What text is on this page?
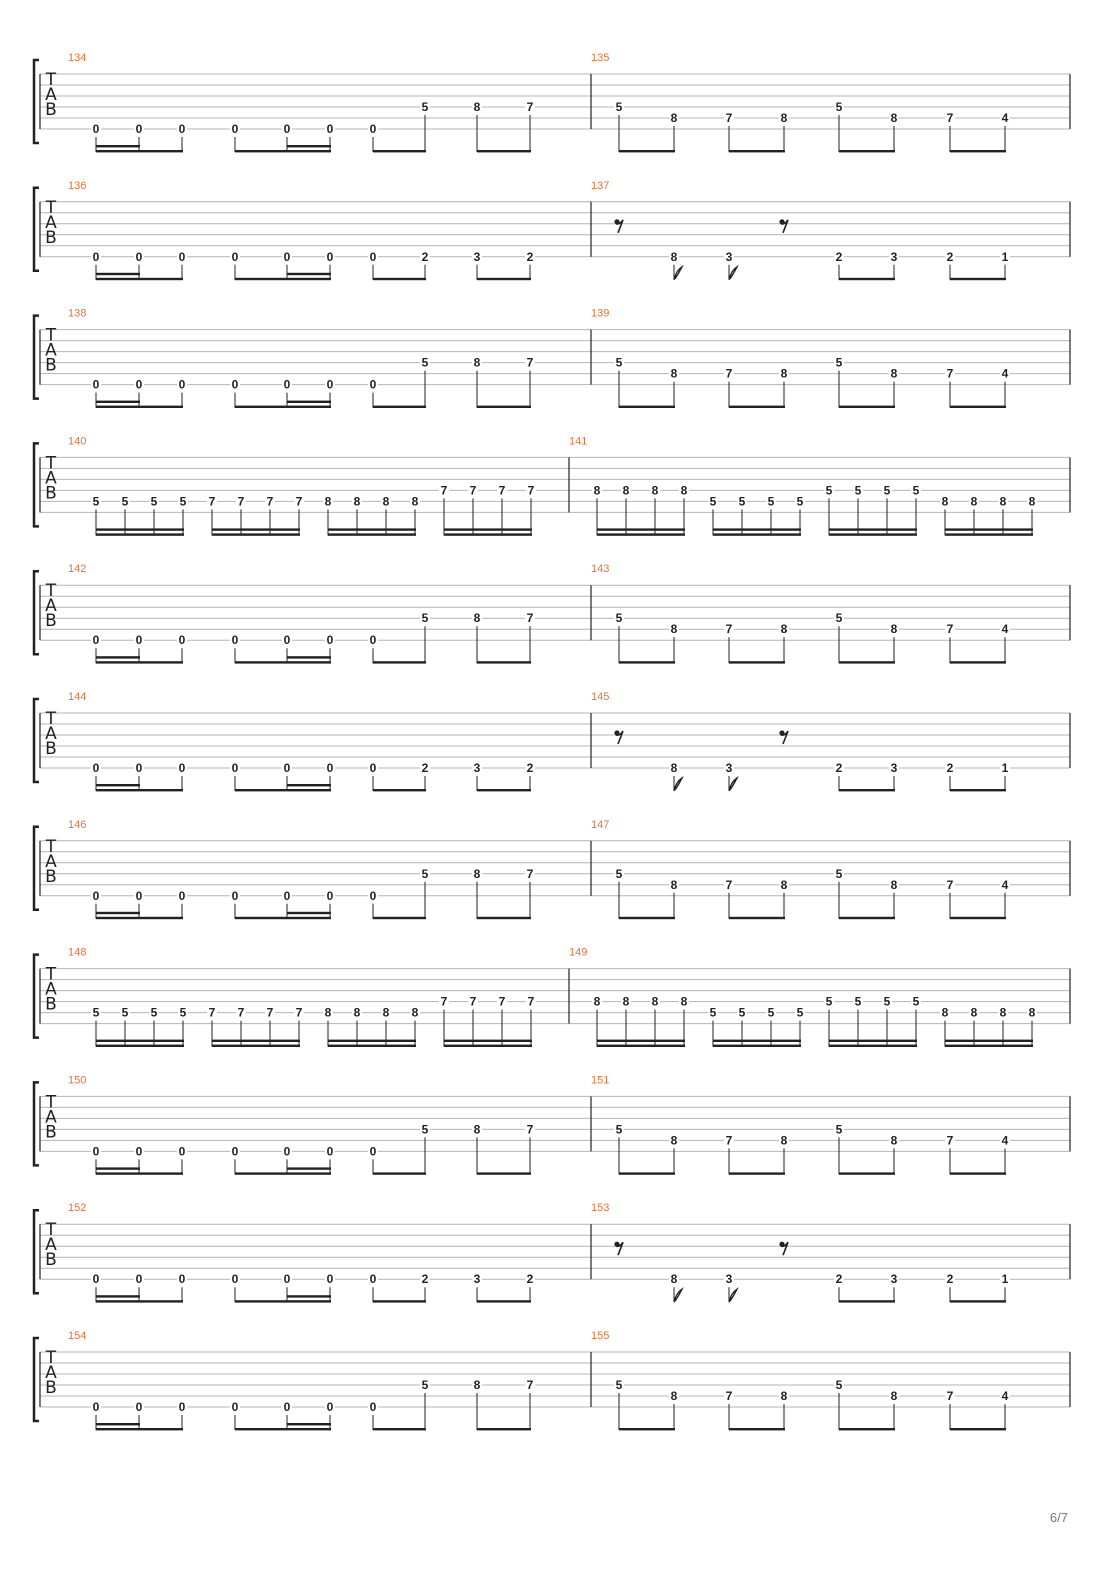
T
A
B
134
0	0	0	0	0	0	0
5	8	7
135
5
8	7	8
5
8	7	4
T
A
B
136
0	0	0	0	0	0	0	2	3	2
137
8	3	2	3	2	1
T
A
B
138
0	0	0	0	0	0	0
5	8	7
139
5
8	7	8
5
8	7	4
T
A
B
140
5 5 5 5 7 7 7 7 8 8 8 8
7 7 7 7
141
8 8 8 8
5 5 5 5
5 5 5 5
8 8 8 8
T
A
B
142
0	0	0	0	0	0	0
5	8	7
143
5
8	7	8
5
8	7	4
T
A
B
144
0	0	0	0	0	0	0	2	3	2
145
8	3	2	3	2	1
T
A
B
146
0	0	0	0	0	0	0
5	8	7
147
5
8	7	8
5
8	7	4
T
A
B
148
5 5 5 5 7 7 7 7 8 8 8 8
7 7 7 7
149
8 8 8 8
5 5 5 5
5 5 5 5
8 8 8 8
T
A
B
150
0	0	0	0	0	0	0
5	8	7
151
5
8	7	8
5
8	7	4
T
A
B
152
0	0	0	0	0	0	0	2	3	2
153
8	3	2	3	2	1
T
A
B
154
0	0	0	0	0	0	0
5	8	7
155
5
8	7	8
5
8	7	4
6/7
